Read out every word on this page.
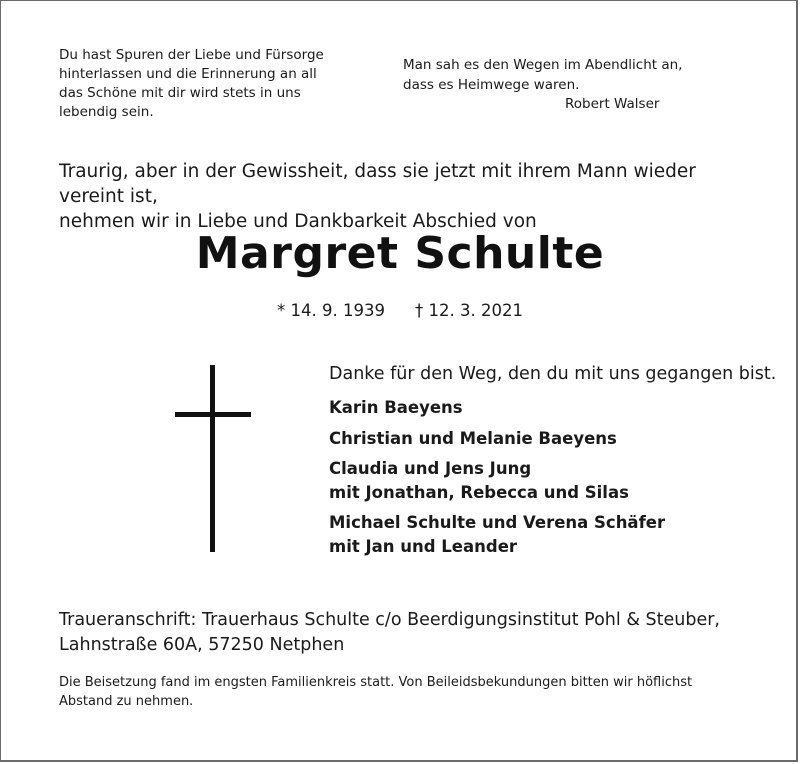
Du hast Spuren der Liebe und Fürsorge
hinterlassen und die Erinnerung an all
das Schöne mit dir wird stets in uns
lebendig sein.
Man sah es den Wegen im Abendlicht an,
dass es Heimwege waren.
Robert Walser
Traurig, aber in der Gewissheit, dass sie jetzt mit ihrem Mann wieder vereint ist,
nehmen wir in Liebe und Dankbarkeit Abschied von
Margret Schulte
* 14. 9. 1939 † 12. 3. 2021
Danke für den Weg, den du mit uns gegangen bist.
Karin Baeyens
Christian und Melanie Baeyens
Claudia und Jens Jung
mit Jonathan, Rebecca und Silas
Michael Schulte und Verena Schäfer
mit Jan und Leander
Traueranschrift: Trauerhaus Schulte c/o Beerdigungsinstitut Pohl & Steuber,
Lahnstraße 60A, 57250 Netphen
Die Beisetzung fand im engsten Familienkreis statt. Von Beileidsbekundungen bitten wir höflichst
Abstand zu nehmen.
